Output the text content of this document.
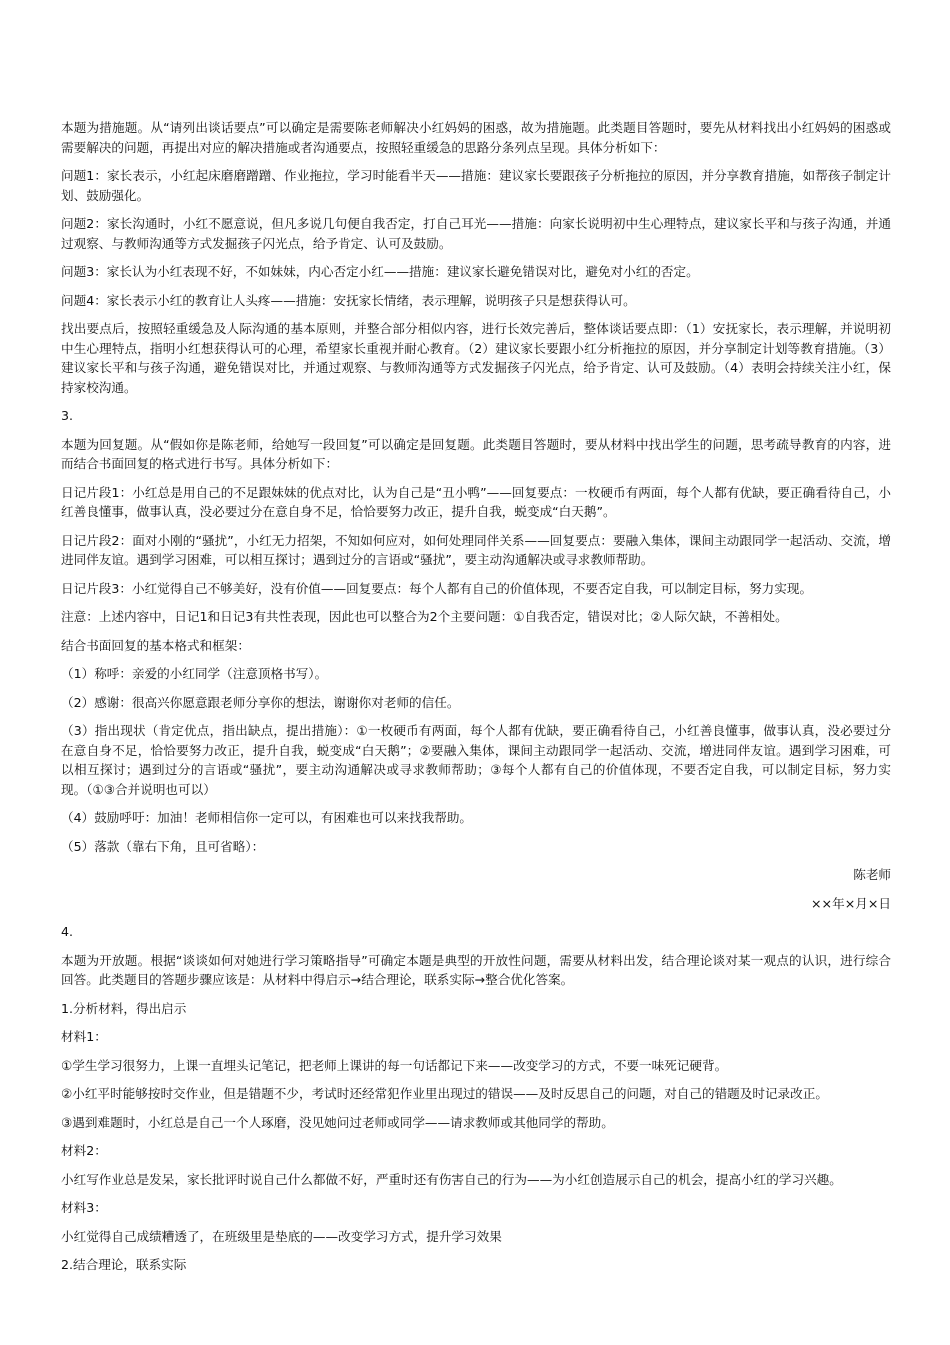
本题为措施题。从“请列出谈话要点”可以确定是需要陈老师解决小红妈妈的困惑，故为措施题。此类题目答题时，要先从材料找出小红妈妈的困惑或需要解决的问题，再提出对应的解决措施或者沟通要点，按照轻重缓急的思路分条列点呈现。具体分析如下：

问题1：家长表示，小红起床磨磨蹭蹭、作业拖拉，学习时能看半天——措施：建议家长要跟孩子分析拖拉的原因，并分享教育措施，如帮孩子制定计划、鼓励强化。

问题2：家长沟通时，小红不愿意说，但凡多说几句便自我否定，打自己耳光——措施：向家长说明初中生心理特点，建议家长平和与孩子沟通，并通过观察、与教师沟通等方式发掘孩子闪光点，给予肯定、认可及鼓励。

问题3：家长认为小红表现不好，不如妹妹，内心否定小红——措施：建议家长避免错误对比，避免对小红的否定。

问题4：家长表示小红的教育让人头疼——措施：安抚家长情绪，表示理解，说明孩子只是想获得认可。

找出要点后，按照轻重缓急及人际沟通的基本原则，并整合部分相似内容，进行长效完善后，整体谈话要点即：（1）安抚家长，表示理解，并说明初中生心理特点，指明小红想获得认可的心理，希望家长重视并耐心教育。（2）建议家长要跟小红分析拖拉的原因，并分享制定计划等教育措施。（3）建议家长平和与孩子沟通，避免错误对比，并通过观察、与教师沟通等方式发掘孩子闪光点，给予肯定、认可及鼓励。（4）表明会持续关注小红，保持家校沟通。

3.

本题为回复题。从“假如你是陈老师，给她写一段回复”可以确定是回复题。此类题目答题时，要从材料中找出学生的问题，思考疏导教育的内容，进而结合书面回复的格式进行书写。具体分析如下：

日记片段1：小红总是用自己的不足跟妹妹的优点对比，认为自己是“丑小鸭”——回复要点：一枚硬币有两面，每个人都有优缺，要正确看待自己，小红善良懂事，做事认真，没必要过分在意自身不足，恰恰要努力改正，提升自我，蜕变成“白天鹅”。

日记片段2：面对小刚的“骚扰”，小红无力招架，不知如何应对，如何处理同伴关系——回复要点：要融入集体，课间主动跟同学一起活动、交流，增进同伴友谊。遇到学习困难，可以相互探讨；遇到过分的言语或“骚扰”，要主动沟通解决或寻求教师帮助。

日记片段3：小红觉得自己不够美好，没有价值——回复要点：每个人都有自己的价值体现，不要否定自我，可以制定目标，努力实现。

注意：上述内容中，日记1和日记3有共性表现，因此也可以整合为2个主要问题：①自我否定，错误对比；②人际欠缺，不善相处。

结合书面回复的基本格式和框架：

（1）称呼：亲爱的小红同学（注意顶格书写）。

（2）感谢：很高兴你愿意跟老师分享你的想法，谢谢你对老师的信任。

（3）指出现状（肯定优点，指出缺点，提出措施）：①一枚硬币有两面，每个人都有优缺，要正确看待自己，小红善良懂事，做事认真，没必要过分在意自身不足，恰恰要努力改正，提升自我，蜕变成“白天鹅”；②要融入集体，课间主动跟同学一起活动、交流，增进同伴友谊。遇到学习困难，可以相互探讨；遇到过分的言语或“骚扰”，要主动沟通解决或寻求教师帮助；③每个人都有自己的价值体现，不要否定自我，可以制定目标，努力实现。（①③合并说明也可以）

（4）鼓励呼吁：加油！老师相信你一定可以，有困难也可以来找我帮助。

（5）落款（靠右下角，且可省略）：

陈老师

××年×月×日

4.

本题为开放题。根据“谈谈如何对她进行学习策略指导”可确定本题是典型的开放性问题，需要从材料出发，结合理论谈对某一观点的认识，进行综合回答。此类题目的答题步骤应该是：从材料中得启示→结合理论，联系实际→整合优化答案。

1.分析材料，得出启示

材料1：

①学生学习很努力，上课一直埋头记笔记，把老师上课讲的每一句话都记下来——改变学习的方式，不要一味死记硬背。

②小红平时能够按时交作业，但是错题不少，考试时还经常犯作业里出现过的错误——及时反思自己的问题，对自己的错题及时记录改正。

③遇到难题时，小红总是自己一个人琢磨，没见她问过老师或同学——请求教师或其他同学的帮助。

材料2：

小红写作业总是发呆，家长批评时说自己什么都做不好，严重时还有伤害自己的行为——为小红创造展示自己的机会，提高小红的学习兴趣。

材料3：

小红觉得自己成绩糟透了，在班级里是垫底的——改变学习方式，提升学习效果

2.结合理论，联系实际
